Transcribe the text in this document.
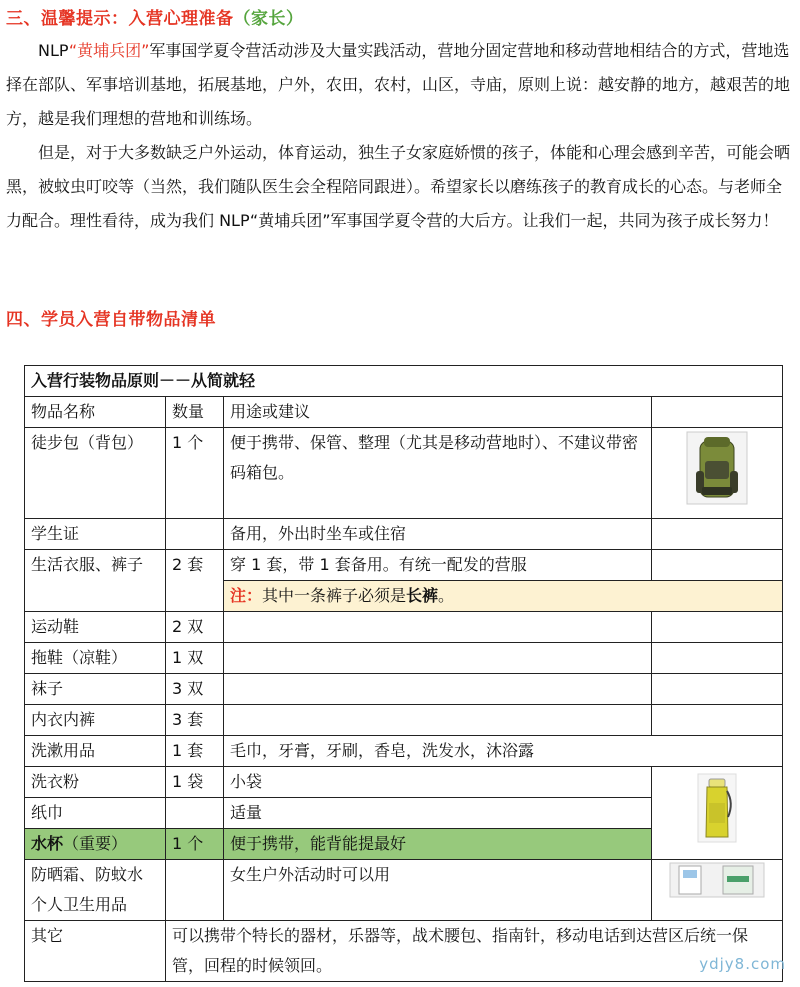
三、温馨提示：入营心理准备（家长）

NLP“黄埔兵团”军事国学夏令营活动涉及大量实践活动，营地分固定营地和移动营地相结合的方式，营地选择在部队、军事培训基地，拓展基地，户外，农田，农村，山区，寺庙，原则上说：越安静的地方，越艰苦的地方，越是我们理想的营地和训练场。

但是，对于大多数缺乏户外运动，体育运动，独生子女家庭娇惯的孩子，体能和心理会感到辛苦，可能会晒黑，被蚊虫叮咬等（当然，我们随队医生会全程陪同跟进）。希望家长以磨练孩子的教育成长的心态。与老师全力配合。理性看待，成为我们 NLP“黄埔兵团”军事国学夏令营的大后方。让我们一起，共同为孩子成长努力！

四、学员入营自带物品清单
入营行装物品原则－－从简就轻			
物品名称	数量	用途或建议	
徒步包（背包）	1 个	便于携带、保管、整理（尤其是移动营地时）、不建议带密码箱包。	
学生证		备用，外出时坐车或住宿	
生活衣服、裤子	2 套	穿 1 套，带 1 套备用。有统一配发的营服	
		注：其中一条裤子必须是长裤。	
运动鞋	2 双		
拖鞋（凉鞋）	1 双		
袜子	3 双		
内衣内裤	3 套		
洗漱用品	1 套	毛巾，牙膏，牙刷，香皂，洗发水，沐浴露	
洗衣粉	1 袋	小袋	
纸巾		适量	
水杯（重要）	1 个	便于携带，能背能提最好	

防晒霜、防蚊水
个人卫生用品		女生户外活动时可以用	
其它	可以携带个特长的器材，乐器等，战术腰包、指南针，移动电话到达营区后统一保管，回程的时候领回。			ydjy8.com
